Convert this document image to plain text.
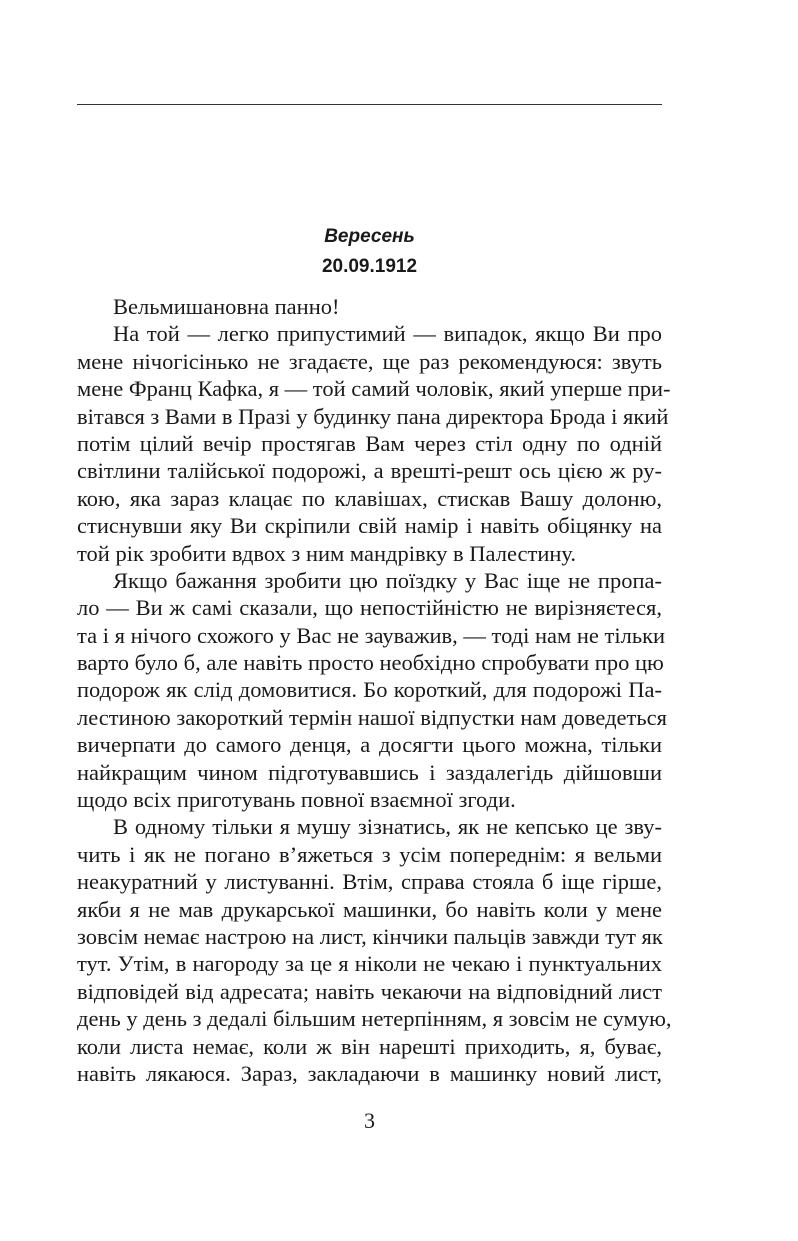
Вересень
20.09.1912
Вельмишановна панно!
На той — легко припустимий — випадок, якщо Ви про
мене нічогісінько не згадаєте, ще раз рекомендуюся: звуть
мене Франц Кафка, я — той самий чоловік, який уперше при-
вітався з Вами в Празі у будинку пана директора Брода і який
потім цілий вечір простягав Вам через стіл одну по одній
світлини талійської подорожі, а врешті-решт ось цією ж ру-
кою, яка зараз клацає по клавішах, стискав Вашу долоню,
стиснувши яку Ви скріпили свій намір і навіть обіцянку на
той рік зробити вдвох з ним мандрівку в Палестину.
Якщо бажання зробити цю поїздку у Вас іще не пропа-
ло — Ви ж самі сказали, що непостійністю не вирізняєтеся,
та і я нічого схожого у Вас не зауважив, — тоді нам не тільки
варто було б, але навіть просто необхідно спробувати про цю
подорож як слід домовитися. Бо короткий, для подорожі Па-
лестиною закороткий термін нашої відпустки нам доведеться
вичерпати до самого денця, а досягти цього можна, тільки
найкращим чином підготувавшись і заздалегідь дійшовши
щодо всіх приготувань повної взаємної згоди.
В одному тільки я мушу зізнатись, як не кепсько це зву-
чить і як не погано в’яжеться з усім попереднім: я вельми
неакуратний у листуванні. Втім, справа стояла б іще гірше,
якби я не мав друкарської машинки, бо навіть коли у мене
зовсім немає настрою на лист, кінчики пальців завжди тут як
тут. Утім, в нагороду за це я ніколи не чекаю і пунктуальних
відповідей від адресата; навіть чекаючи на відповідний лист
день у день з дедалі більшим нетерпінням, я зовсім не сумую,
коли листа немає, коли ж він нарешті приходить, я, буває,
навіть лякаюся. Зараз, закладаючи в машинку новий лист,
3
